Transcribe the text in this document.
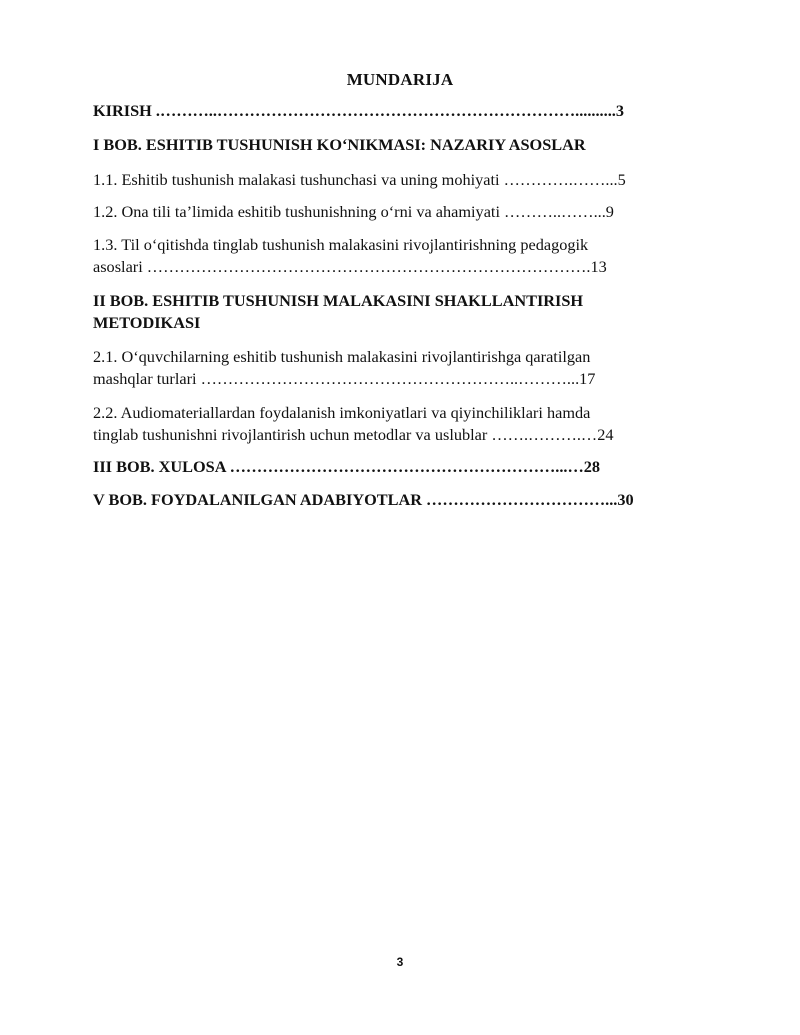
MUNDARIJA
KIRISH .………..…………………………………………………………..........3
I BOB. ESHITIB TUSHUNISH KO‘NIKMASI: NAZARIY ASOSLAR
1.1. Eshitib tushunish malakasi tushunchasi va uning mohiyati ………….……...5
1.2. Ona tili ta’limida eshitib tushunishning o‘rni va ahamiyati ………..……...9
1.3. Til o‘qitishda tinglab tushunish malakasini rivojlantirishning pedagogik
asoslari ……………………………………………………………………….13
II BOB. ESHITIB TUSHUNISH MALAKASINI SHAKLLANTIRISH
METODIKASI
2.1. O‘quvchilarning eshitib tushunish malakasini rivojlantirishga qaratilgan
mashqlar turlari …………………………………………………..………...17
2.2. Audiomateriallardan foydalanish imkoniyatlari va qiyinchiliklari hamda
tinglab tushunishni rivojlantirish uchun metodlar va uslublar …….……….…24
III BOB. XULOSA ……………………………………………………...…28
V BOB. FOYDALANILGAN ADABIYOTLAR ……………………………...30
3
